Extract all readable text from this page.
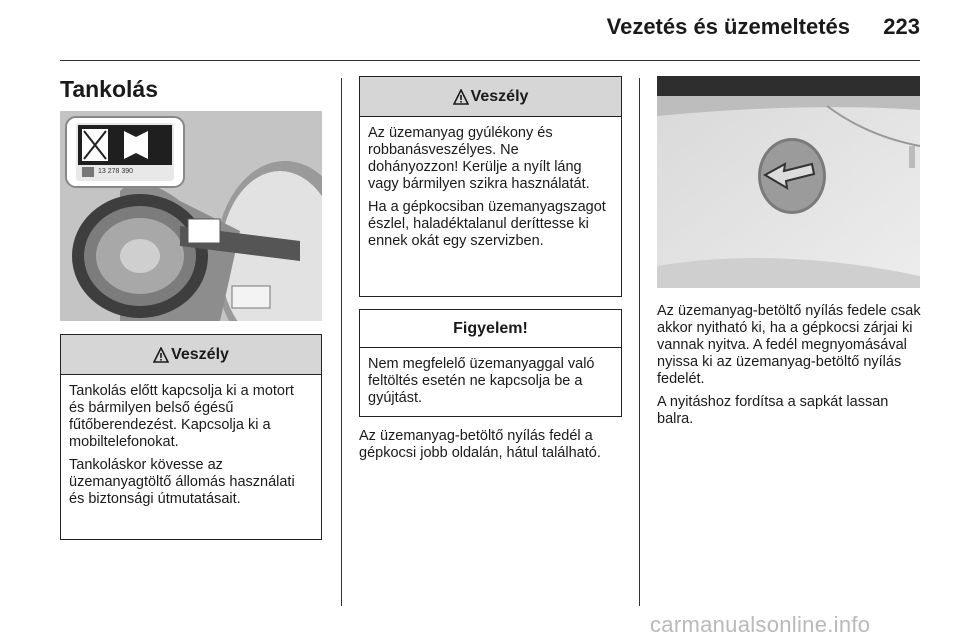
Vezetés és üzemeltetés	223
Tankolás
13 278 390
Veszély

Tankolás előtt kapcsolja ki a motort és bármilyen belső égésű fűtőberendezést. Kapcsolja ki a mobiltelefonokat.

Tankoláskor kövesse az üzemanyagtöltő állomás használati és biztonsági útmutatásait.

Veszély

Az üzemanyag gyúlékony és robbanásveszélyes. Ne dohányozzon! Kerülje a nyílt láng vagy bármilyen szikra használatát.

Ha a gépkocsiban üzemanyagszagot észlel, haladéktalanul deríttesse ki ennek okát egy szervizben.

Figyelem!

Nem megfelelő üzemanyaggal való feltöltés esetén ne kapcsolja be a gyújtást.

Az üzemanyag-betöltő nyílás fedél a gépkocsi jobb oldalán, hátul található.

Az üzemanyag-betöltő nyílás fedele csak akkor nyitható ki, ha a gépkocsi zárjai ki vannak nyitva. A fedél megnyomásával nyissa ki az üzemanyag-betöltő nyílás fedelét.

A nyitáshoz fordítsa a sapkát lassan balra.

carmanualsonline.info
